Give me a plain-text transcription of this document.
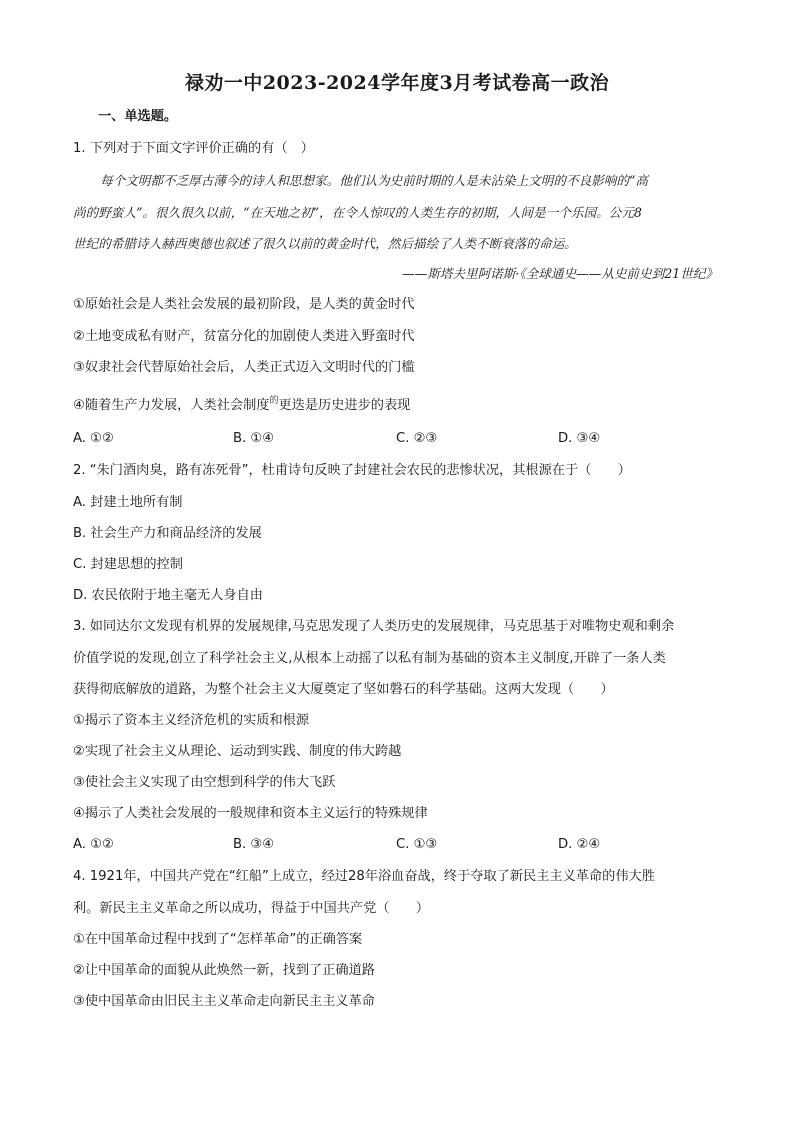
禄劝一中2023-2024学年度3月考试卷高一政治
一、单选题。
1. 下列对于下面文字评价正确的有（　）
每个文明都不乏厚古薄今的诗人和思想家。他们认为史前时期的人是未沾染上文明的不良影响的“高
尚的野蛮人”。很久很久以前，“在天地之初”，在令人惊叹的人类生存的初期，人间是一个乐园。公元8
世纪的希腊诗人赫西奥德也叙述了很久以前的黄金时代，然后描绘了人类不断衰落的命运。
——斯塔夫里阿诺斯·《全球通史——从史前史到21世纪》
①原始社会是人类社会发展的最初阶段，是人类的黄金时代
②土地变成私有财产，贫富分化的加剧使人类进入野蛮时代
③奴隶社会代替原始社会后，人类正式迈入文明时代的门槛
④随着生产力发展，人类社会制度$^的$更迭是历史进步的表现
A. ①②	B. ①④	C. ②③	D. ③④
2. “朱门酒肉臭，路有冻死骨”，杜甫诗句反映了封建社会农民的悲惨状况，其根源在于（　　）
A. 封建土地所有制
B. 社会生产力和商品经济的发展
C. 封建思想的控制
D. 农民依附于地主毫无人身自由
3. 如同达尔文发现有机界的发展规律,马克思发现了人类历史的发展规律，马克思基于对唯物史观和剩余
价值学说的发现,创立了科学社会主义,从根本上动摇了以私有制为基础的资本主义制度,开辟了一条人类
获得彻底解放的道路，为整个社会主义大厦奠定了坚如磐石的科学基础。这两大发现（　　）
①揭示了资本主义经济危机的实质和根源
②实现了社会主义从理论、运动到实践、制度的伟大跨越
③使社会主义实现了由空想到科学的伟大飞跃
④揭示了人类社会发展的一般规律和资本主义运行的特殊规律
A. ①②	B. ③④	C. ①③	D. ②④
4. 1921年，中国共产党在“红船”上成立，经过28年浴血奋战，终于夺取了新民主主义革命的伟大胜
利。新民主主义革命之所以成功，得益于中国共产党（　　）
①在中国革命过程中找到了“怎样革命”的正确答案
②让中国革命的面貌从此焕然一新，找到了正确道路
③使中国革命由旧民主主义革命走向新民主主义革命
